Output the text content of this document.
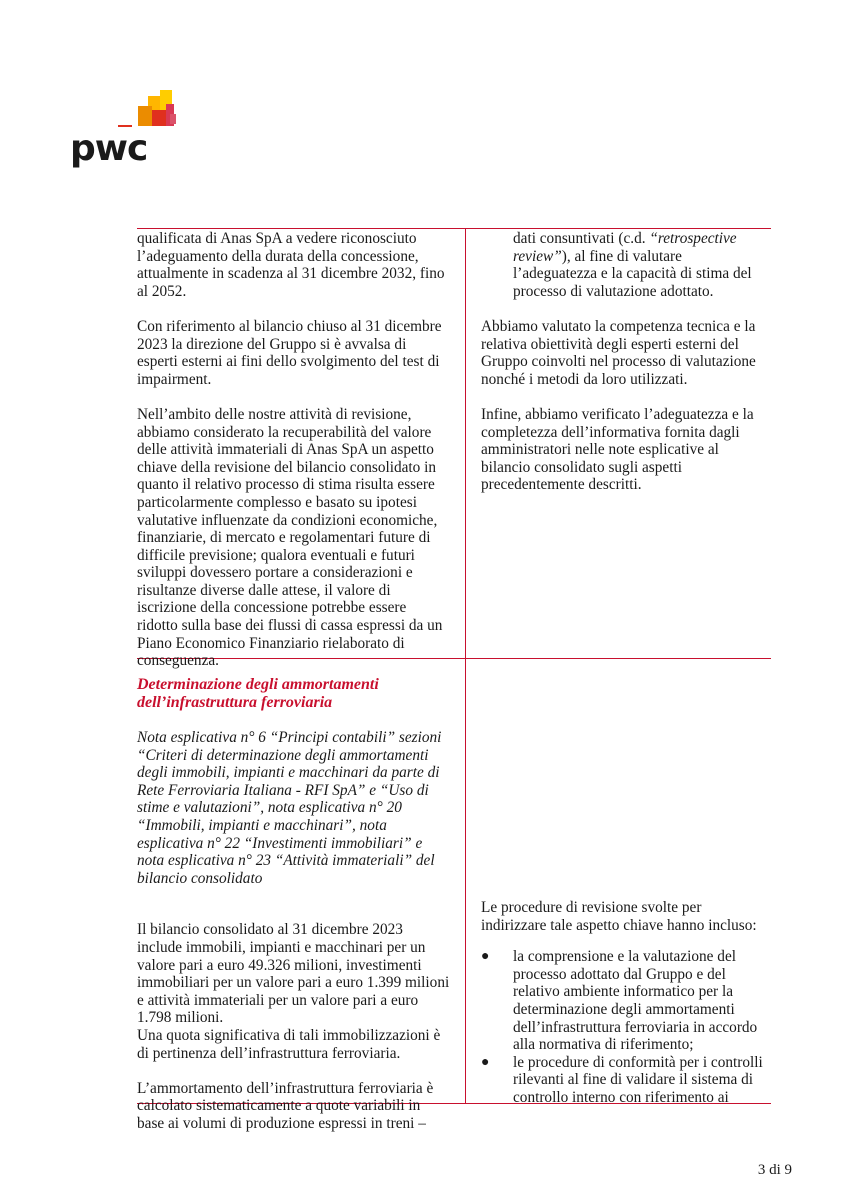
pwc

qualificata di Anas SpA a vedere riconosciuto l’adeguamento della durata della concessione, attualmente in scadenza al 31 dicembre 2032, fino al 2052.

Con riferimento al bilancio chiuso al 31 dicembre 2023 la direzione del Gruppo si è avvalsa di esperti esterni ai fini dello svolgimento del test di impairment.

Nell’ambito delle nostre attività di revisione, abbiamo considerato la recuperabilità del valore delle attività immateriali di Anas SpA un aspetto chiave della revisione del bilancio consolidato in quanto il relativo processo di stima risulta essere particolarmente complesso e basato su ipotesi valutative influenzate da condizioni economiche, finanziarie, di mercato e regolamentari future di difficile previsione; qualora eventuali e futuri sviluppi dovessero portare a considerazioni e risultanze diverse dalle attese, il valore di iscrizione della concessione potrebbe essere ridotto sulla base dei flussi di cassa espressi da un Piano Economico Finanziario rielaborato di conseguenza.

dati consuntivati (c.d. “retrospective review”), al fine di valutare l’adeguatezza e la capacità di stima del processo di valutazione adottato.

Abbiamo valutato la competenza tecnica e la relativa obiettività degli esperti esterni del Gruppo coinvolti nel processo di valutazione nonché i metodi da loro utilizzati.

Infine, abbiamo verificato l’adeguatezza e la completezza dell’informativa fornita dagli amministratori nelle note esplicative al bilancio consolidato sugli aspetti precedentemente descritti.

Determinazione degli ammortamenti dell’infrastruttura ferroviaria

Nota esplicativa n° 6 “Principi contabili” sezioni “Criteri di determinazione degli ammortamenti degli immobili, impianti e macchinari da parte di Rete Ferroviaria Italiana - RFI SpA” e “Uso di stime e valutazioni”, nota esplicativa n° 20 “Immobili, impianti e macchinari”, nota esplicativa n° 22 “Investimenti immobiliari” e nota esplicativa n° 23 “Attività immateriali” del bilancio consolidato

Il bilancio consolidato al 31 dicembre 2023 include immobili, impianti e macchinari per un valore pari a euro 49.326 milioni, investimenti immobiliari per un valore pari a euro 1.399 milioni e attività immateriali per un valore pari a euro 1.798 milioni.
Una quota significativa di tali immobilizzazioni è di pertinenza dell’infrastruttura ferroviaria.

L’ammortamento dell’infrastruttura ferroviaria è calcolato sistematicamente a quote variabili in base ai volumi di produzione espressi in treni –

Le procedure di revisione svolte per indirizzare tale aspetto chiave hanno incluso:

● la comprensione e la valutazione del processo adottato dal Gruppo e del relativo ambiente informatico per la determinazione degli ammortamenti dell’infrastruttura ferroviaria in accordo alla normativa di riferimento;
● le procedure di conformità per i controlli rilevanti al fine di validare il sistema di controllo interno con riferimento ai
3 di 9
